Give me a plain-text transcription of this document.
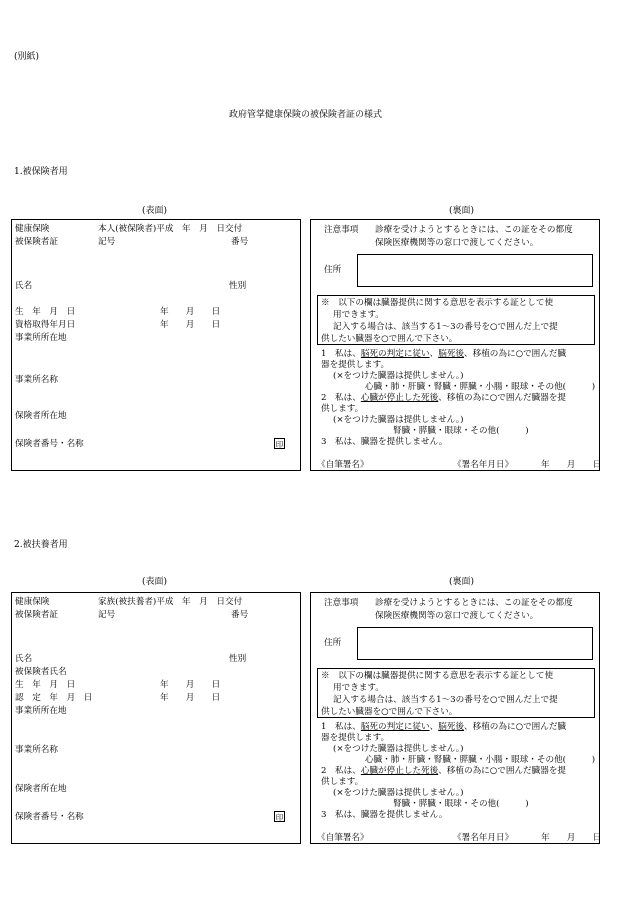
(別紙)
政府管掌健康保険の被保険者証の様式
1.被保険者用
(表面)	(裏面)
健康保険	本人(被保険者)平成　年　月　日交付
被保険者証	記号	番号
氏名	性別
生　年　月　日	年　　月　　日
資格取得年月日	年　　月　　日
事業所所在地
事業所名称
保険者所在地
保険者番号・名称	印
注意事項 診療を受けようとするときには、この証をその都度
保険医療機関等の窓口で渡してください。
住所
※　以下の欄は臓器提供に関する意思を表示する証として使
用できます。
記入する場合は、該当する1～3の番号を○で囲んだ上で提
供したい臓器を○で囲んで下さい。
1　私は、脳死の判定に従い、脳死後、移植の為に○で囲んだ臓
器を提供します。
(×をつけた臓器は提供しません。)
心臓・肺・肝臓・腎臓・膵臓・小腸・眼球・その他(　　　)
2　私は、心臓が停止した死後、移植の為に○で囲んだ臓器を提
供します。
(×をつけた臓器は提供しません。)
腎臓・膵臓・眼球・その他(　　　)
3　私は、臓器を提供しません。
《自筆署名》	《署名年月日》	年　　月　　日
2.被扶養者用
(表面)	(裏面)
健康保険	家族(被扶養者)平成　年　月　日交付
被保険者証	記号	番号
氏名	性別
被保険者氏名
生　年　月　日	年　　月　　日
認　定　年　月　日	年　　月　　日
事業所所在地
事業所名称
保険者所在地
保険者番号・名称	印
注意事項 診療を受けようとするときには、この証をその都度
保険医療機関等の窓口で渡してください。
住所
※　以下の欄は臓器提供に関する意思を表示する証として使
用できます。
記入する場合は、該当する1～3の番号を○で囲んだ上で提
供したい臓器を○で囲んで下さい。
1　私は、脳死の判定に従い、脳死後、移植の為に○で囲んだ臓
器を提供します。
(×をつけた臓器は提供しません。)
心臓・肺・肝臓・腎臓・膵臓・小腸・眼球・その他(　　　)
2　私は、心臓が停止した死後、移植の為に○で囲んだ臓器を提
供します。
(×をつけた臓器は提供しません。)
腎臓・膵臓・眼球・その他(　　　)
3　私は、臓器を提供しません。
《自筆署名》	《署名年月日》	年　　月　　日
